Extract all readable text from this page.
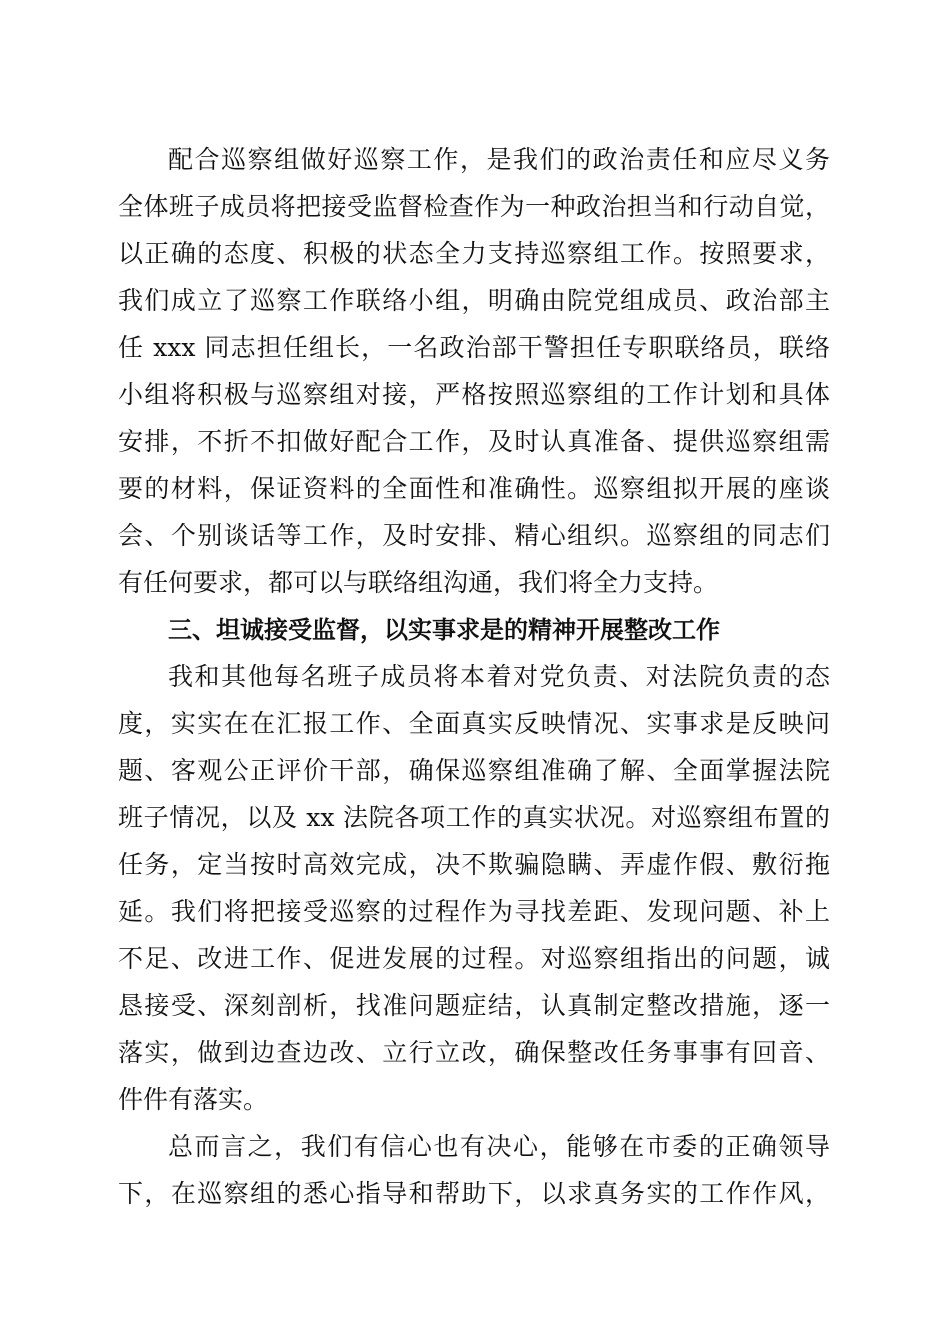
配合巡察组做好巡察工作，是我们的政治责任和应尽义务
全体班子成员将把接受监督检查作为一种政治担当和行动自觉，
以正确的态度、积极的状态全力支持巡察组工作。按照要求，
我们成立了巡察工作联络小组，明确由院党组成员、政治部主
任 xxx 同志担任组长，一名政治部干警担任专职联络员，联络
小组将积极与巡察组对接，严格按照巡察组的工作计划和具体
安排，不折不扣做好配合工作，及时认真准备、提供巡察组需
要的材料，保证资料的全面性和准确性。巡察组拟开展的座谈
会、个别谈话等工作，及时安排、精心组织。巡察组的同志们
有任何要求，都可以与联络组沟通，我们将全力支持。
三、坦诚接受监督，以实事求是的精神开展整改工作
我和其他每名班子成员将本着对党负责、对法院负责的态
度，实实在在汇报工作、全面真实反映情况、实事求是反映问
题、客观公正评价干部，确保巡察组准确了解、全面掌握法院
班子情况，以及 xx 法院各项工作的真实状况。对巡察组布置的
任务，定当按时高效完成，决不欺骗隐瞒、弄虚作假、敷衍拖
延。我们将把接受巡察的过程作为寻找差距、发现问题、补上
不足、改进工作、促进发展的过程。对巡察组指出的问题，诚
恳接受、深刻剖析，找准问题症结，认真制定整改措施，逐一
落实，做到边查边改、立行立改，确保整改任务事事有回音、
件件有落实。
总而言之，我们有信心也有决心，能够在市委的正确领导
下，在巡察组的悉心指导和帮助下，以求真务实的工作作风，
